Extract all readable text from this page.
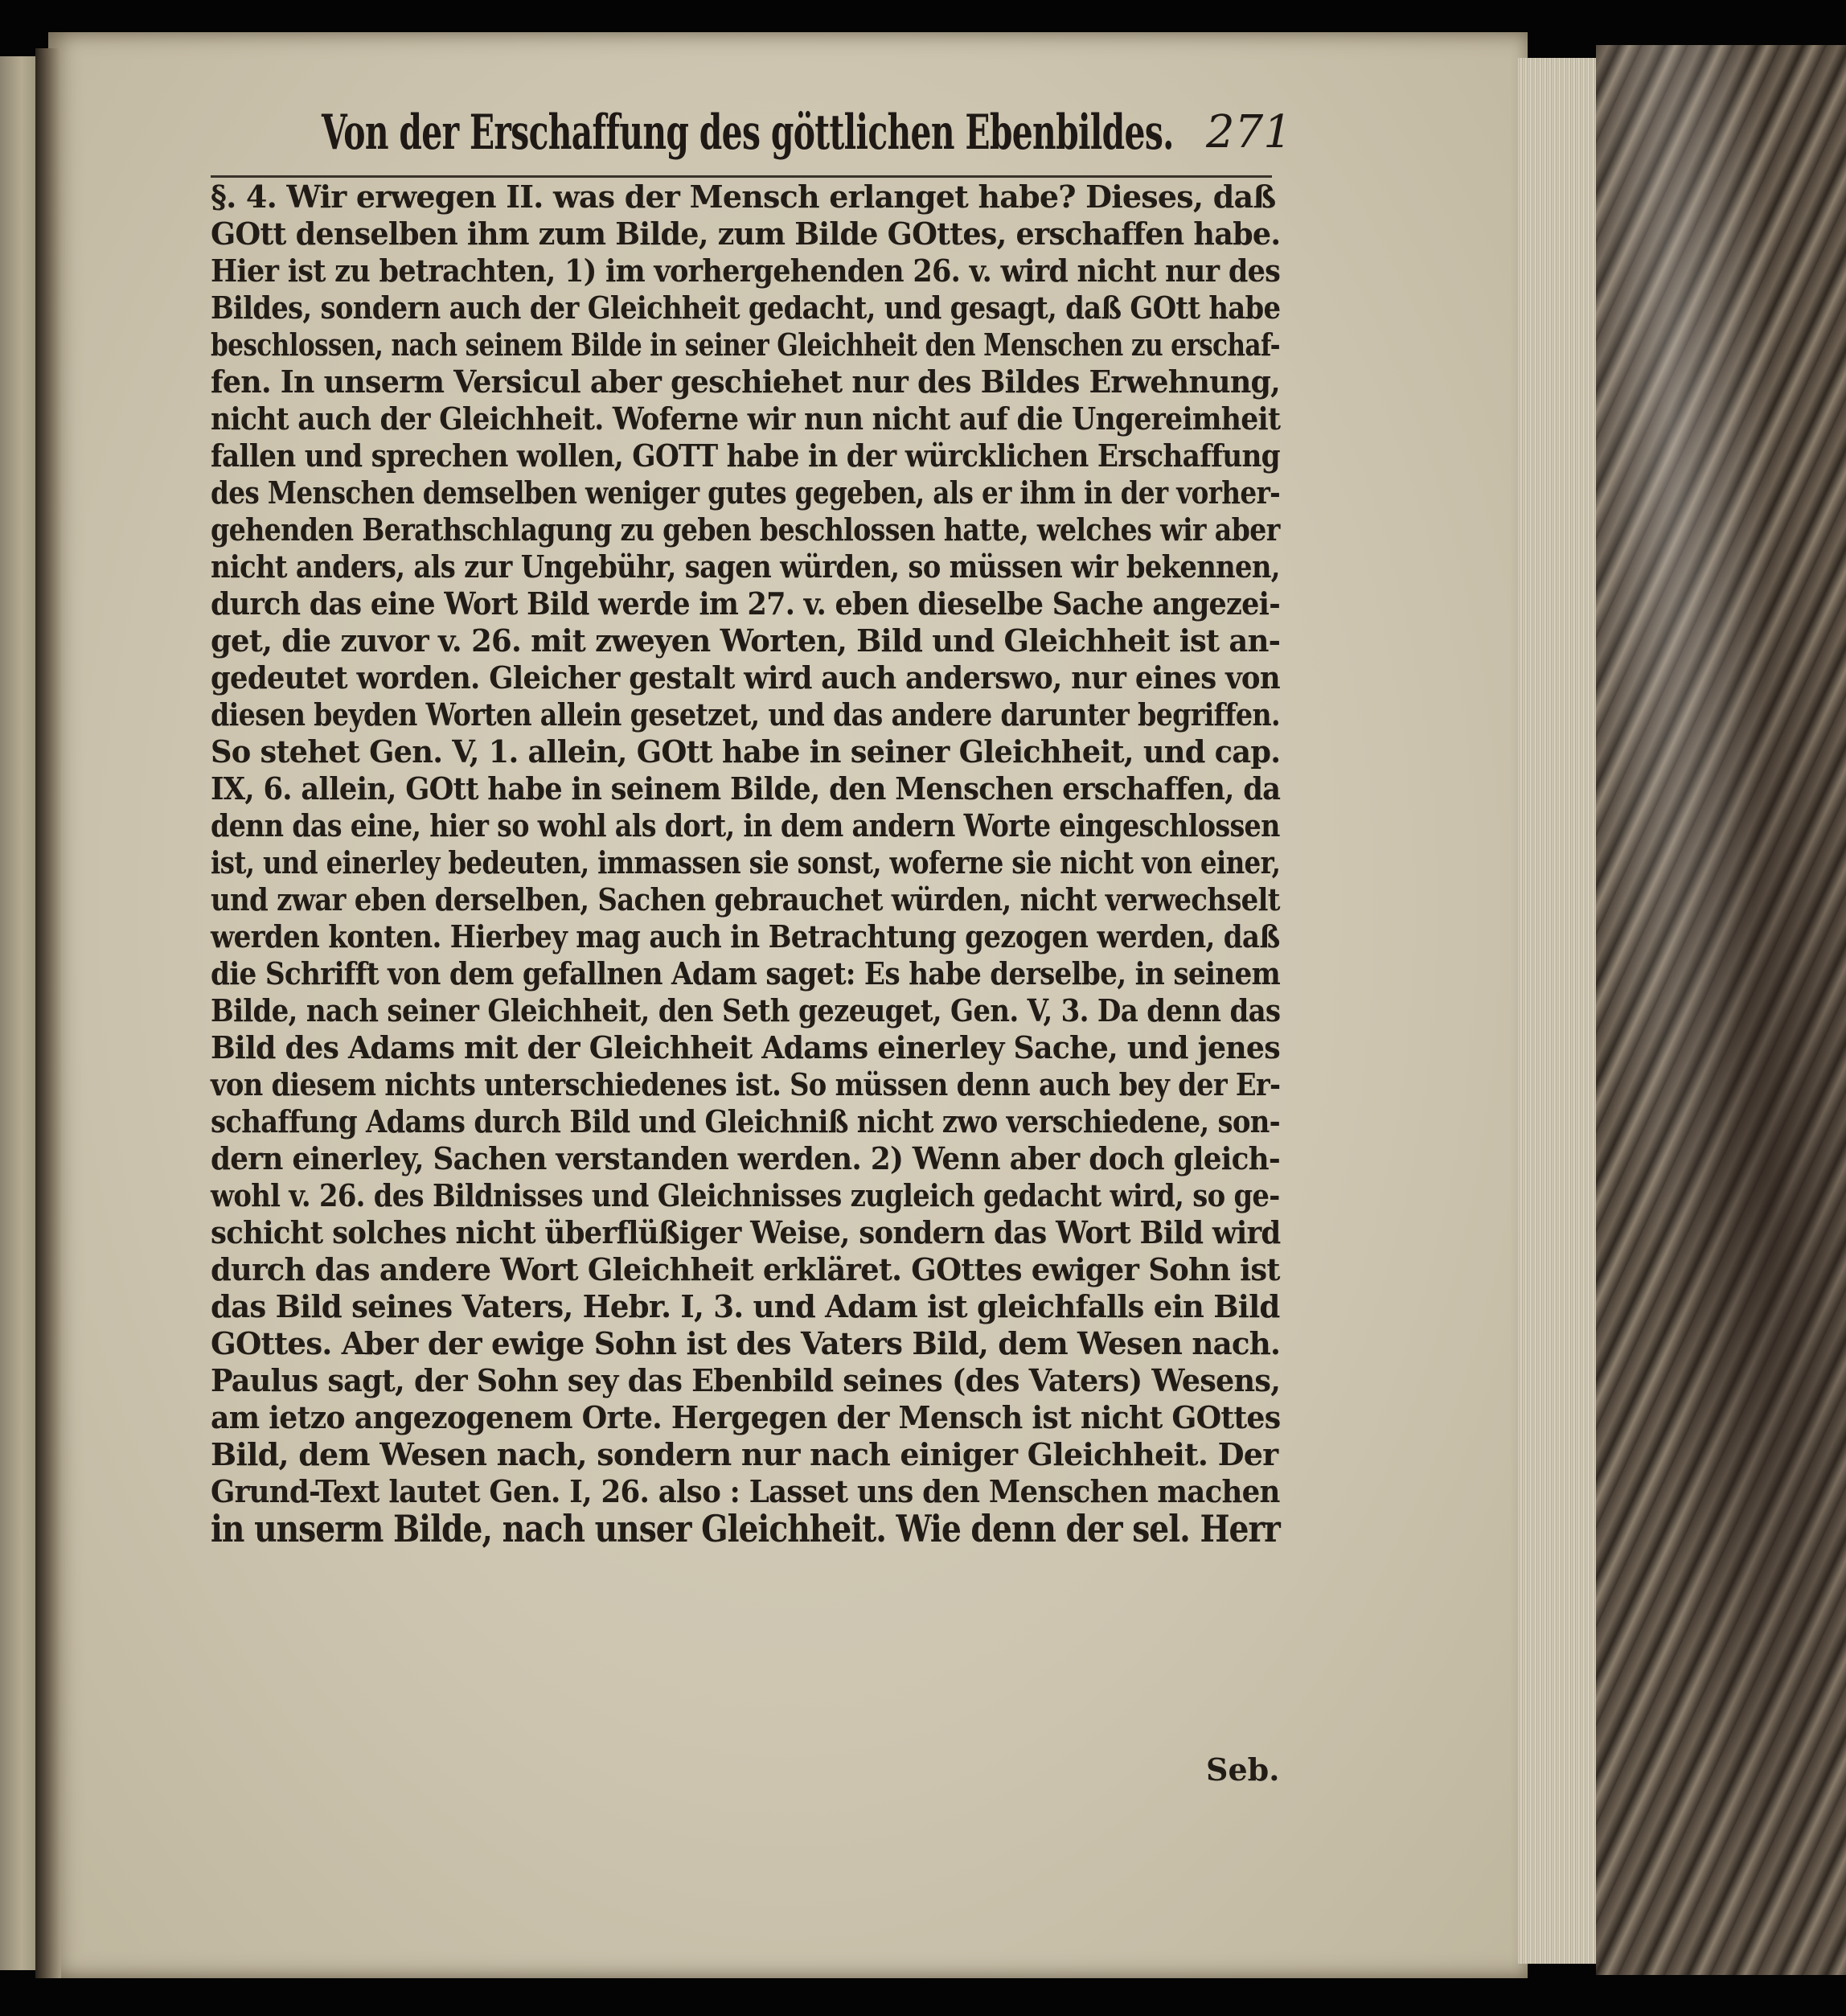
Von der Erschaffung des göttlichen Ebenbildes. 271
§. 4. Wir erwegen II. was der Mensch erlanget habe? Dieses, daß
GOtt denselben ihm zum Bilde, zum Bilde GOttes, erschaffen habe.
Hier ist zu betrachten, 1) im vorhergehenden 26. v. wird nicht nur des
Bildes, sondern auch der Gleichheit gedacht, und gesagt, daß GOtt habe
beschlossen, nach seinem Bilde in seiner Gleichheit den Menschen zu erschaf-
fen. In unserm Versicul aber geschiehet nur des Bildes Erwehnung,
nicht auch der Gleichheit. Woferne wir nun nicht auf die Ungereimheit
fallen und sprechen wollen, GOTT habe in der würcklichen Erschaffung
des Menschen demselben weniger gutes gegeben, als er ihm in der vorher-
gehenden Berathschlagung zu geben beschlossen hatte, welches wir aber
nicht anders, als zur Ungebühr, sagen würden, so müssen wir bekennen,
durch das eine Wort Bild werde im 27. v. eben dieselbe Sache angezei-
get, die zuvor v. 26. mit zweyen Worten, Bild und Gleichheit ist an-
gedeutet worden. Gleicher gestalt wird auch anderswo, nur eines von
diesen beyden Worten allein gesetzet, und das andere darunter begriffen.
So stehet Gen. V, 1. allein, GOtt habe in seiner Gleichheit, und cap.
IX, 6. allein, GOtt habe in seinem Bilde, den Menschen erschaffen, da
denn das eine, hier so wohl als dort, in dem andern Worte eingeschlossen
ist, und einerley bedeuten, immassen sie sonst, woferne sie nicht von einer,
und zwar eben derselben, Sachen gebrauchet würden, nicht verwechselt
werden konten. Hierbey mag auch in Betrachtung gezogen werden, daß
die Schrifft von dem gefallnen Adam saget: Es habe derselbe, in seinem
Bilde, nach seiner Gleichheit, den Seth gezeuget, Gen. V, 3. Da denn das
Bild des Adams mit der Gleichheit Adams einerley Sache, und jenes
von diesem nichts unterschiedenes ist. So müssen denn auch bey der Er-
schaffung Adams durch Bild und Gleichniß nicht zwo verschiedene, son-
dern einerley, Sachen verstanden werden. 2) Wenn aber doch gleich-
wohl v. 26. des Bildnisses und Gleichnisses zugleich gedacht wird, so ge-
schicht solches nicht überflüßiger Weise, sondern das Wort Bild wird
durch das andere Wort Gleichheit erkläret. GOttes ewiger Sohn ist
das Bild seines Vaters, Hebr. I, 3. und Adam ist gleichfalls ein Bild
GOttes. Aber der ewige Sohn ist des Vaters Bild, dem Wesen nach.
Paulus sagt, der Sohn sey das Ebenbild seines (des Vaters) Wesens,
am ietzo angezogenem Orte. Hergegen der Mensch ist nicht GOttes
Bild, dem Wesen nach, sondern nur nach einiger Gleichheit. Der
Grund-Text lautet Gen. I, 26. also : Lasset uns den Menschen machen
in unserm Bilde, nach unser Gleichheit. Wie denn der sel. Herr
Seb.
